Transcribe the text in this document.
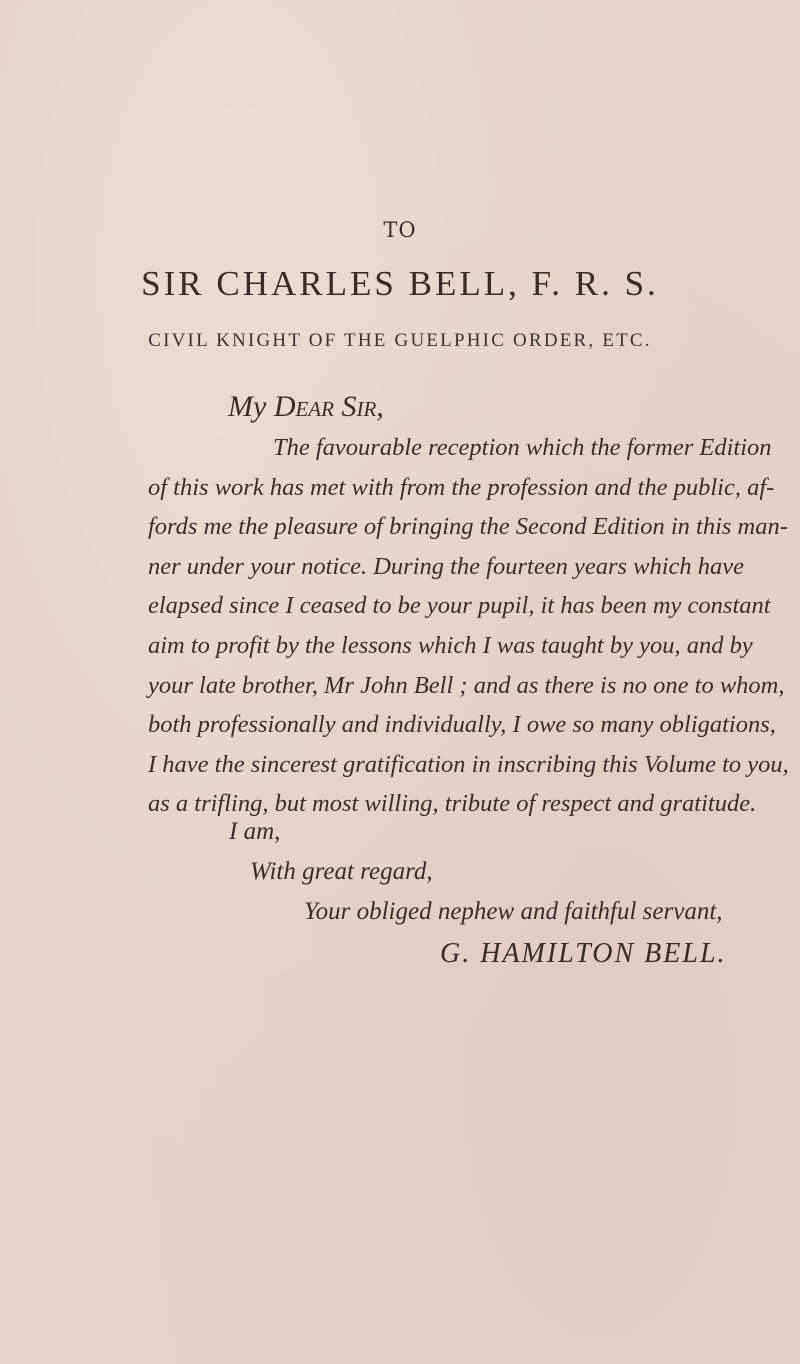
TO
SIR CHARLES BELL, F. R. S.
CIVIL KNIGHT OF THE GUELPHIC ORDER, ETC.
My Dear Sir,
The favourable reception which the former Edition
of this work has met with from the profession and the public, af-
fords me the pleasure of bringing the Second Edition in this man-
ner under your notice. During the fourteen years which have
elapsed since I ceased to be your pupil, it has been my constant
aim to profit by the lessons which I was taught by you, and by
your late brother, Mr John Bell ; and as there is no one to whom,
both professionally and individually, I owe so many obligations,
I have the sincerest gratification in inscribing this Volume to you,
as a trifling, but most willing, tribute of respect and gratitude.
I am,
With great regard,
Your obliged nephew and faithful servant,
G. HAMILTON BELL.
